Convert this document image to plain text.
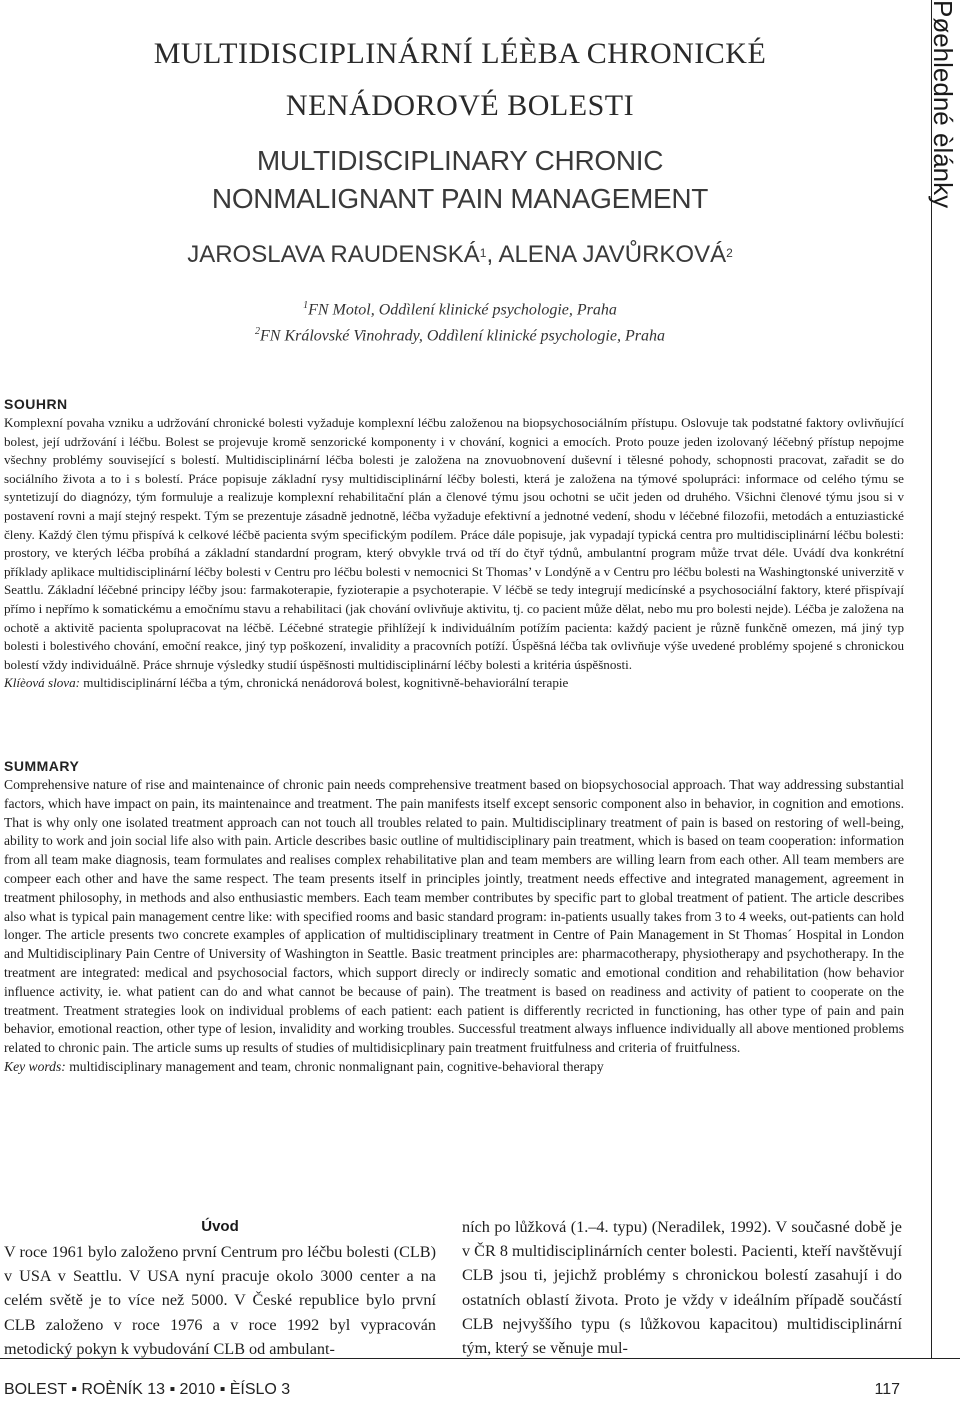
Pøehledné èlánky
MULTIDISCIPLINÁRNÍ LÉÈBA CHRONICKÉ
NENÁDOROVÉ BOLESTI
MULTIDISCIPLINARY CHRONIC
NONMALIGNANT PAIN MANAGEMENT
JAROSLAVA RAUDENSKÁ$^1$, ALENA JAVŮRKOVÁ$^2$
$^1$FN Motol, Oddìlení klinické psychologie, Praha
$^2$FN Královské Vinohrady, Oddìlení klinické psychologie, Praha
SOUHRN

Komplexní povaha vzniku a udržování chronické bolesti vyžaduje komplexní léčbu založenou na biopsychosociálním přístupu. Oslovuje tak podstatné faktory ovlivňující bolest, její udržování i léčbu. Bolest se projevuje kromě senzorické komponenty i v chování, kognici a emocích. Proto pouze jeden izolovaný léčebný přístup nepojme všechny problémy související s bolestí. Multidisciplinární léčba bolesti je založena na znovuobnovení duševní i tělesné pohody, schopnosti pracovat, zařadit se do sociálního života a to i s bolestí. Práce popisuje základní rysy multidisciplinární léčby bolesti, která je založena na týmové spolupráci: informace od celého týmu se syntetizují do diagnózy, tým formuluje a realizuje komplexní rehabilitační plán a členové týmu jsou ochotni se učit jeden od druhého. Všichni členové týmu jsou si v postavení rovni a mají stejný respekt. Tým se prezentuje zásadně jednotně, léčba vyžaduje efektivní a jednotné vedení, shodu v léčebné filozofii, metodách a entuziastické členy. Každý člen týmu přispívá k celkové léčbě pacienta svým specifickým podílem. Práce dále popisuje, jak vypadají typická centra pro multidisciplinární léčbu bolesti: prostory, ve kterých léčba probíhá a základní standardní program, který obvykle trvá od tří do čtyř týdnů, ambulantní program může trvat déle. Uvádí dva konkrétní příklady aplikace multidisciplinární léčby bolesti v Centru pro léčbu bolesti v nemocnici St Thomas’ v Londýně a v Centru pro léčbu bolesti na Washingtonské univerzitě v Seattlu. Základní léčebné principy léčby jsou: farmakoterapie, fyzioterapie a psychoterapie. V léčbě se tedy integrují medicínské a psychosociální faktory, které přispívají přímo i nepřímo k somatickému a emočnímu stavu a rehabilitaci (jak chování ovlivňuje aktivitu, tj. co pacient může dělat, nebo mu pro bolesti nejde). Léčba je založena na ochotě a aktivitě pacienta spolupracovat na léčbě. Léčebné strategie přihlížejí k individuálním potížím pacienta: každý pacient je různě funkčně omezen, má jiný typ bolesti i bolestivého chování, emoční reakce, jiný typ poškození, invalidity a pracovních potíží. Úspěšná léčba tak ovlivňuje výše uvedené problémy spojené s chronickou bolestí vždy individuálně. Práce shrnuje výsledky studií úspěšnosti multidisciplinární léčby bolesti a kritéria úspěšnosti.

Klíèová slova: multidisciplinární léčba a tým, chronická nenádorová bolest, kognitivně-behaviorální terapie

SUMMARY

Comprehensive nature of rise and maintenaince of chronic pain needs comprehensive treatment based on biopsychosocial approach. That way addressing substantial factors, which have impact on pain, its maintenaince and treatment. The pain manifests itself except sensoric component also in behavior, in cognition and emotions. That is why only one isolated treatment approach can not touch all troubles related to pain. Multidisciplinary treatment of pain is based on restoring of well-being, ability to work and join social life also with pain. Article describes basic outline of multidisciplinary pain treatment, which is based on team cooperation: information from all team make diagnosis, team formulates and realises complex rehabilitative plan and team members are willing learn from each other. All team members are compeer each other and have the same respect. The team presents itself in principles jointly, treatment needs effective and integrated management, agreement in treatment philosophy, in methods and also enthusiastic members. Each team member contributes by specific part to global treatment of patient. The article describes also what is typical pain management centre like: with specified rooms and basic standard program: in-patients usually takes from 3 to 4 weeks, out-patients can hold longer. The article presents two concrete examples of application of multidisciplinary treatment in Centre of Pain Management in St Thomas´ Hospital in London and Multidisciplinary Pain Centre of University of Washington in Seattle. Basic treatment principles are: pharmacotherapy, physiotherapy and psychotherapy. In the treatment are integrated: medical and psychosocial factors, which support direcly or indirecly somatic and emotional condition and rehabilitation (how behavior influence activity, ie. what patient can do and what cannot be because of pain). The treatment is based on readiness and activity of patient to cooperate on the treatment. Treatment strategies look on individual problems of each patient: each patient is differently recricted in functioning, has other type of pain and pain behavior, emotional reaction, other type of lesion, invalidity and working troubles. Successful treatment always influence individually all above mentioned problems related to chronic pain. The article sums up results of studies of multidisicplinary pain treatment fruitfulness and criteria of fruitfulness.

Key words: multidisciplinary management and team, chronic nonmalignant pain, cognitive-behavioral therapy

Úvod
V roce 1961 bylo založeno první Centrum pro léčbu bolesti (CLB) v USA v Seattlu. V USA nyní pracuje okolo 3000 center a na celém světě je to více než 5000. V České republice bylo první CLB založeno v roce 1976 a v roce 1992 byl vypracován metodický pokyn k vybudování CLB od ambulant-
ních po lůžková (1.–4. typu) (Neradilek, 1992). V současné době je v ČR 8 multidisciplinárních center bolesti. Pacienti, kteří navštěvují CLB jsou ti, jejichž problémy s chronickou bolestí zasahují i do ostatních oblastí života. Proto je vždy v ideálním případě součástí CLB nejvyššího typu (s lůžkovou kapacitou) multidisciplinární tým, který se věnuje mul-
BOLEST ▪ ROÈNÍK 13 ▪ 2010 ▪ ÈÍSLO 3	117
